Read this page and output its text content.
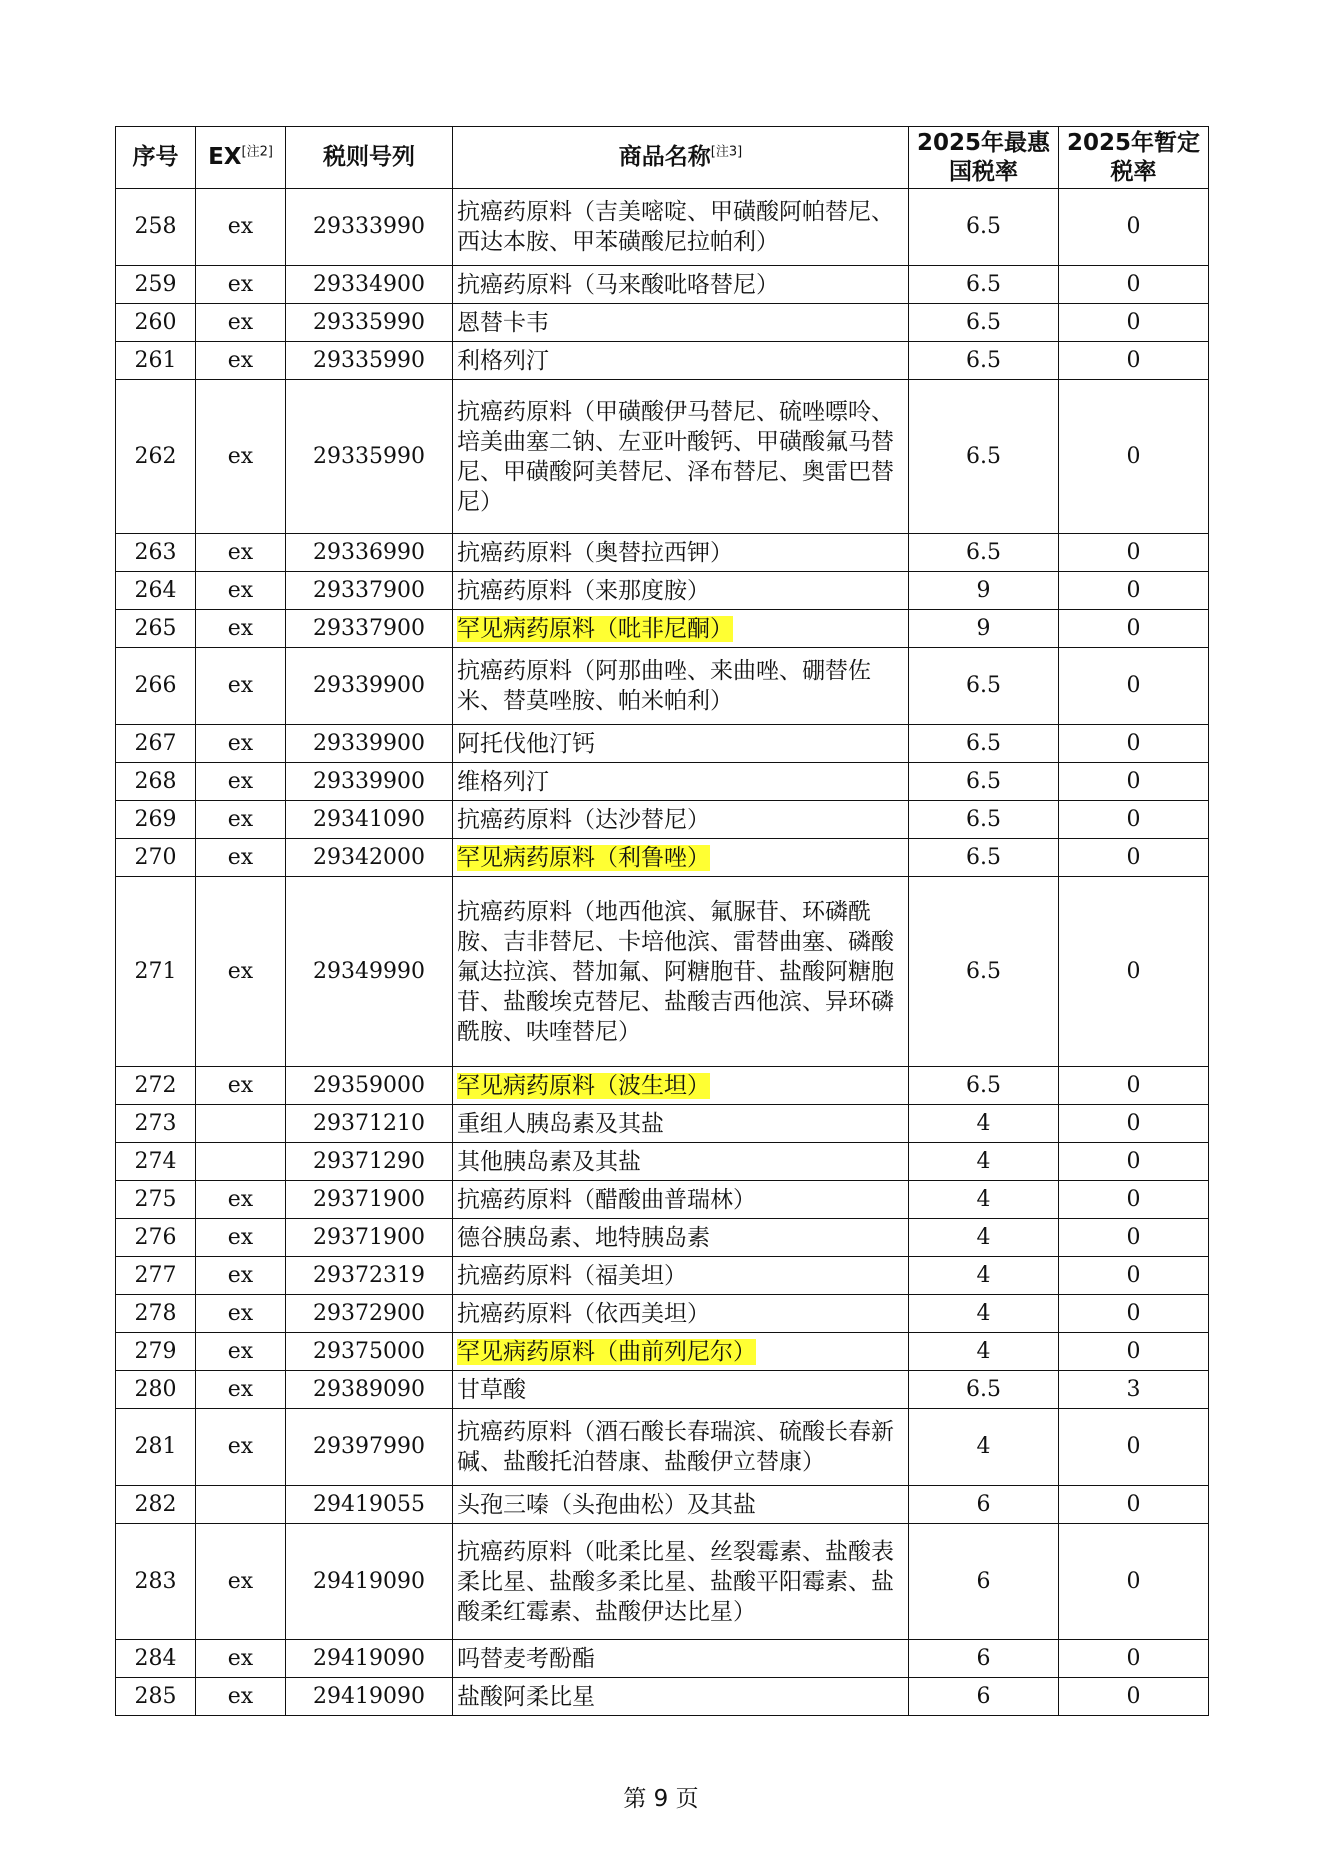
序号	EX[注2]	税则号列	商品名称[注3]	2025年最惠国税率	2025年暂定税率
258	ex	29333990	抗癌药原料（吉美嘧啶、甲磺酸阿帕替尼、西达本胺、甲苯磺酸尼拉帕利）	6.5	0
259	ex	29334900	抗癌药原料（马来酸吡咯替尼）	6.5	0
260	ex	29335990	恩替卡韦	6.5	0
261	ex	29335990	利格列汀	6.5	0
262	ex	29335990	抗癌药原料（甲磺酸伊马替尼、硫唑嘌呤、培美曲塞二钠、左亚叶酸钙、甲磺酸氟马替尼、甲磺酸阿美替尼、泽布替尼、奥雷巴替尼）	6.5	0
263	ex	29336990	抗癌药原料（奥替拉西钾）	6.5	0
264	ex	29337900	抗癌药原料（来那度胺）	9	0
265	ex	29337900	罕见病药原料（吡非尼酮）	9	0
266	ex	29339900	抗癌药原料（阿那曲唑、来曲唑、硼替佐米、替莫唑胺、帕米帕利）	6.5	0
267	ex	29339900	阿托伐他汀钙	6.5	0
268	ex	29339900	维格列汀	6.5	0
269	ex	29341090	抗癌药原料（达沙替尼）	6.5	0
270	ex	29342000	罕见病药原料（利鲁唑）	6.5	0
271	ex	29349990	抗癌药原料（地西他滨、氟脲苷、环磷酰胺、吉非替尼、卡培他滨、雷替曲塞、磷酸氟达拉滨、替加氟、阿糖胞苷、盐酸阿糖胞苷、盐酸埃克替尼、盐酸吉西他滨、异环磷酰胺、呋喹替尼）	6.5	0
272	ex	29359000	罕见病药原料（波生坦）	6.5	0
273		29371210	重组人胰岛素及其盐	4	0
274		29371290	其他胰岛素及其盐	4	0
275	ex	29371900	抗癌药原料（醋酸曲普瑞林）	4	0
276	ex	29371900	德谷胰岛素、地特胰岛素	4	0
277	ex	29372319	抗癌药原料（福美坦）	4	0
278	ex	29372900	抗癌药原料（依西美坦）	4	0
279	ex	29375000	罕见病药原料（曲前列尼尔）	4	0
280	ex	29389090	甘草酸	6.5	3
281	ex	29397990	抗癌药原料（酒石酸长春瑞滨、硫酸长春新碱、盐酸托泊替康、盐酸伊立替康）	4	0
282		29419055	头孢三嗪（头孢曲松）及其盐	6	0
283	ex	29419090	抗癌药原料（吡柔比星、丝裂霉素、盐酸表柔比星、盐酸多柔比星、盐酸平阳霉素、盐酸柔红霉素、盐酸伊达比星）	6	0
284	ex	29419090	吗替麦考酚酯	6	0
285	ex	29419090	盐酸阿柔比星	6	0
第 9 页
